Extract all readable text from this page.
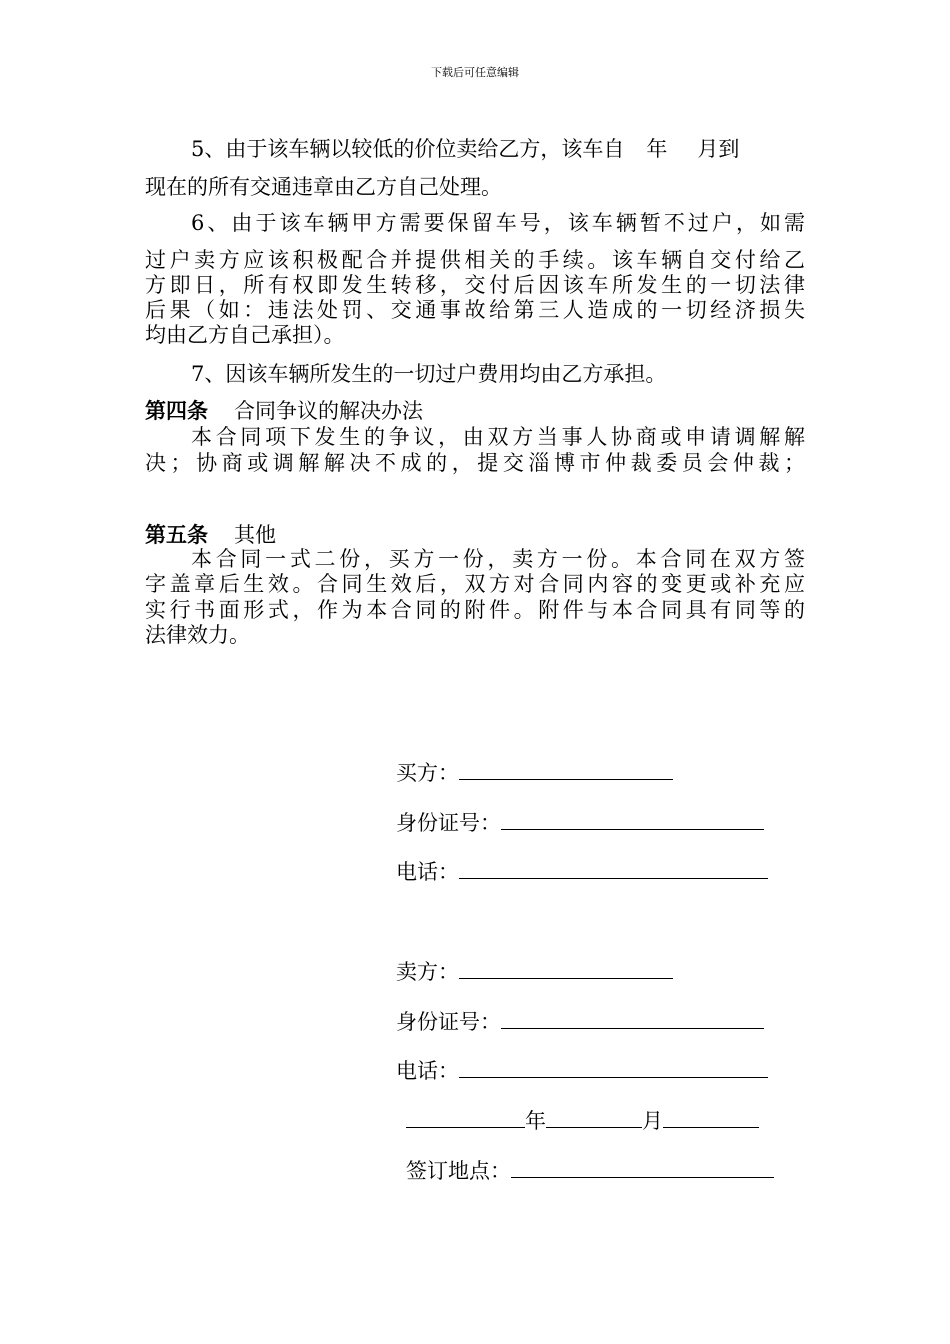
下载后可任意编辑
5、由于该车辆以较低的价位卖给乙方，该车自 年 月到
现在的所有交通违章由乙方自己处理。
6、由于该车辆甲方需要保留车号，该车辆暂不过户，如需
过户卖方应该积极配合并提供相关的手续。该车辆自交付给乙
方即日，所有权即发生转移，交付后因该车所发生的一切法律
后果（如：违法处罚、交通事故给第三人造成的一切经济损失
均由乙方自己承担）。
7、因该车辆所发生的一切过户费用均由乙方承担。
第四条 合同争议的解决办法
本合同项下发生的争议，由双方当事人协商或申请调解解
决；协商或调解解决不成的，提交淄博市仲裁委员会仲裁；
第五条 其他
本合同一式二份，买方一份，卖方一份。本合同在双方签
字盖章后生效。合同生效后，双方对合同内容的变更或补充应
实行书面形式，作为本合同的附件。附件与本合同具有同等的
法律效力。
买方：
身份证号：
电话：
卖方：
身份证号：
电话：
年	月
签订地点：
